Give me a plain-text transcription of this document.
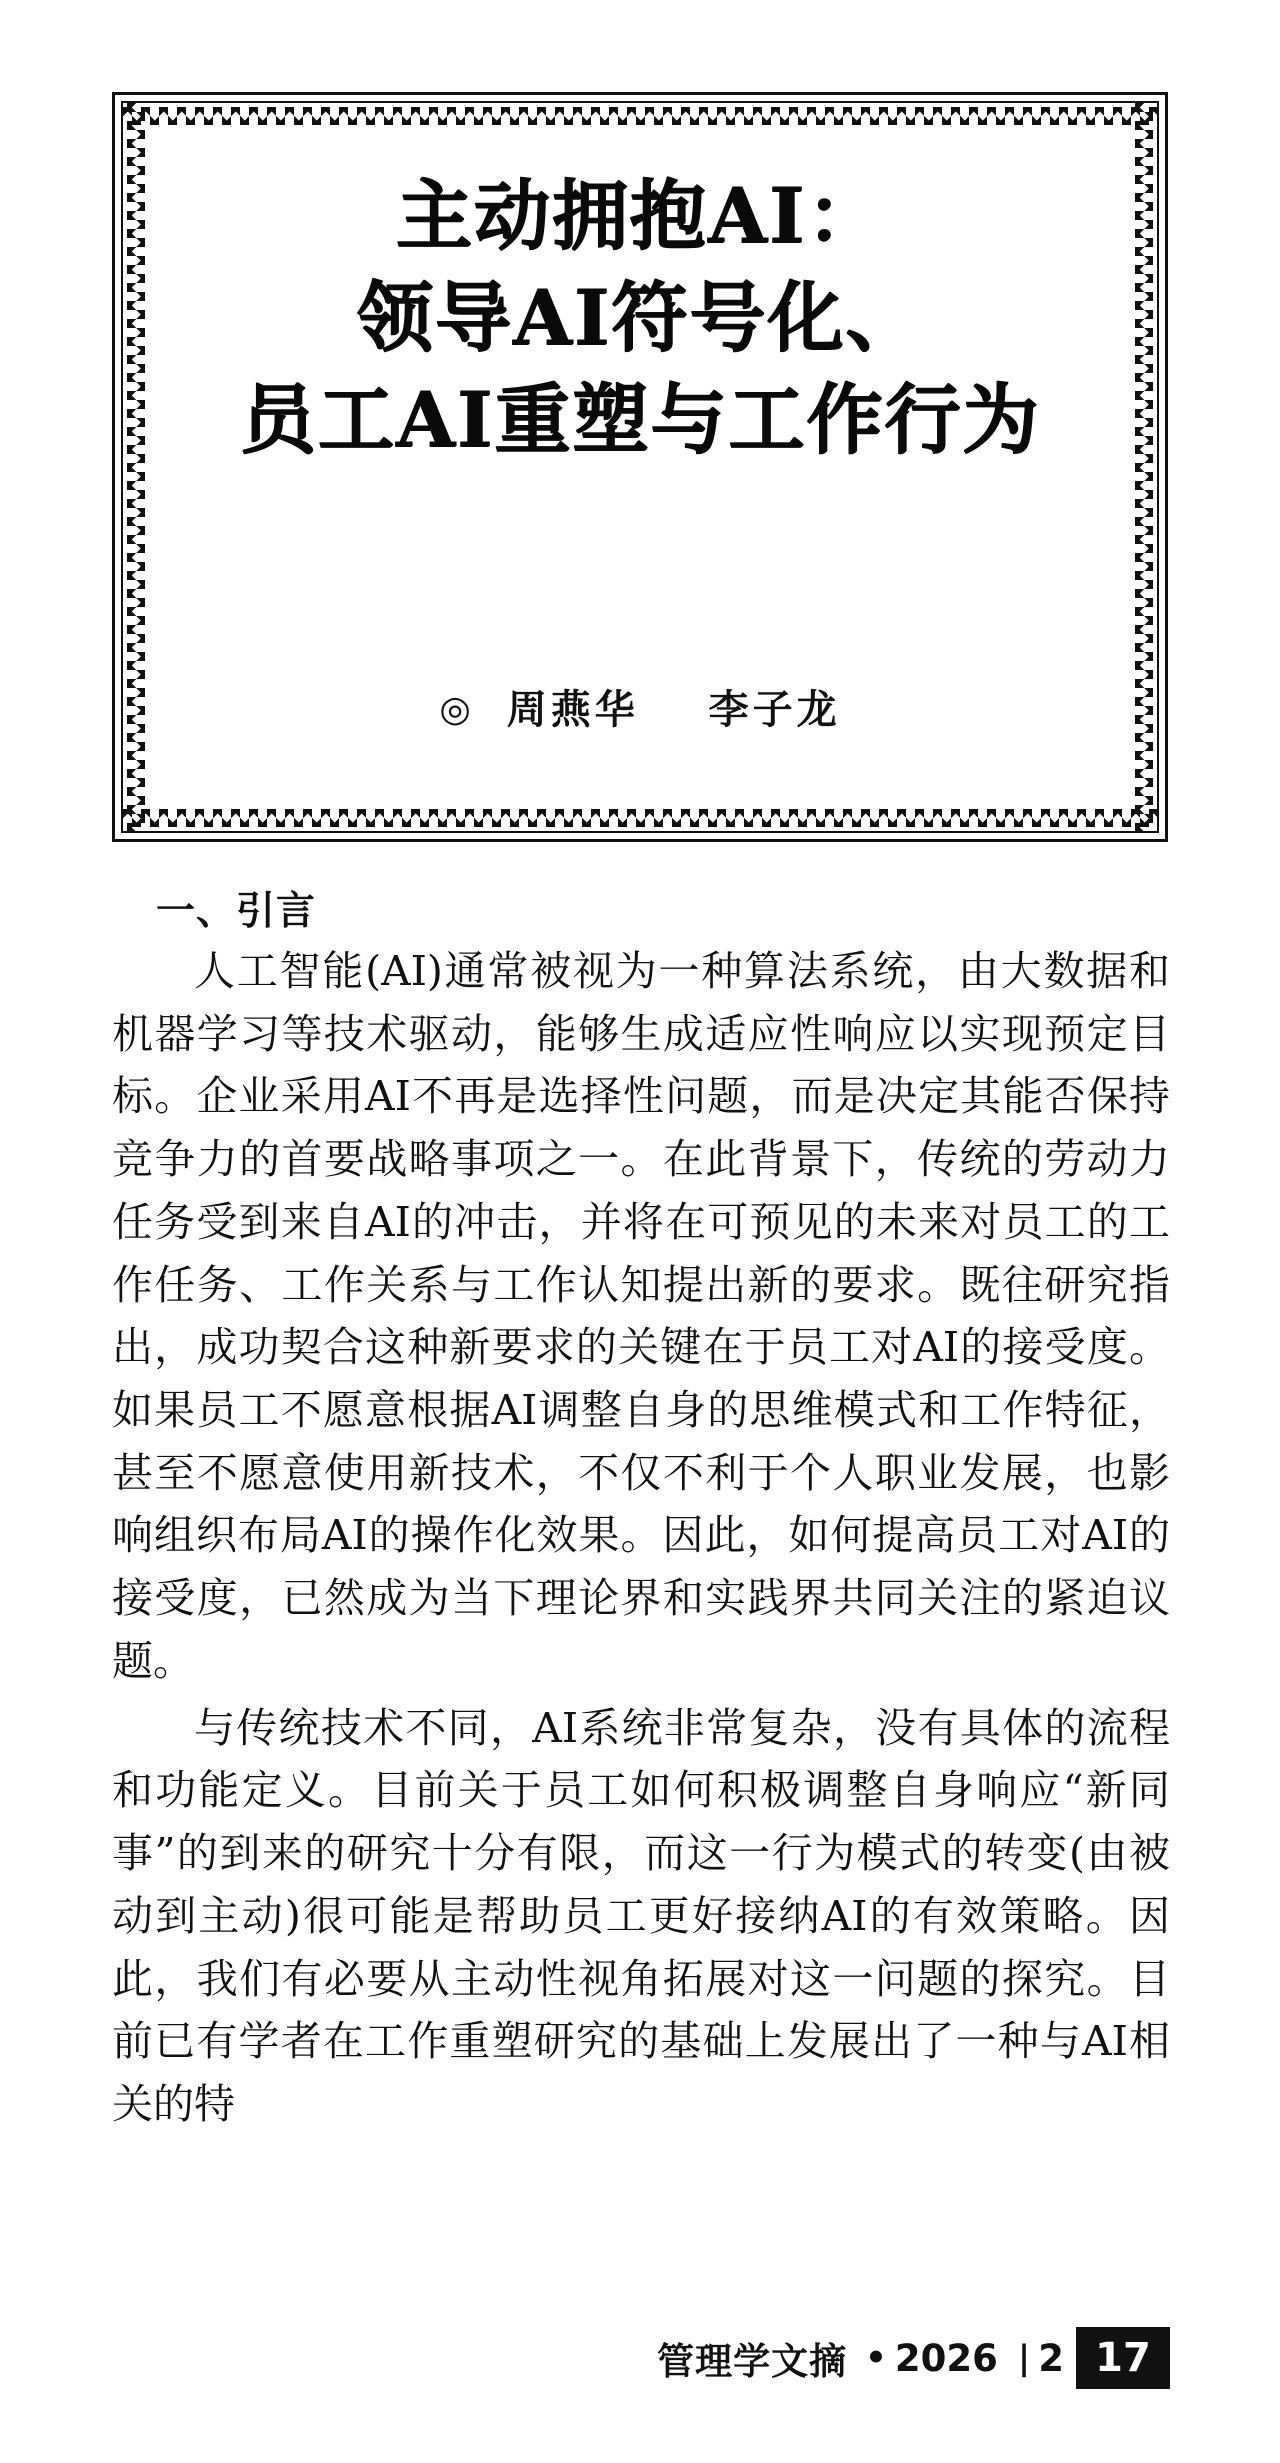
主动拥抱AI：
领导AI符号化、
员工AI重塑与工作行为
◎ 周燕华 李子龙
一、引言

人工智能(AI)通常被视为一种算法系统，由大数据和机器学习等技术驱动，能够生成适应性响应以实现预定目标。企业采用AI不再是选择性问题，而是决定其能否保持竞争力的首要战略事项之一。在此背景下，传统的劳动力任务受到来自AI的冲击，并将在可预见的未来对员工的工作任务、工作关系与工作认知提出新的要求。既往研究指出，成功契合这种新要求的关键在于员工对AI的接受度。如果员工不愿意根据AI调整自身的思维模式和工作特征，甚至不愿意使用新技术，不仅不利于个人职业发展，也影响组织布局AI的操作化效果。因此，如何提高员工对AI的接受度，已然成为当下理论界和实践界共同关注的紧迫议题。

与传统技术不同，AI系统非常复杂，没有具体的流程和功能定义。目前关于员工如何积极调整自身响应“新同事”的到来的研究十分有限，而这一行为模式的转变(由被动到主动)很可能是帮助员工更好接纳AI的有效策略。因此，我们有必要从主动性视角拓展对这一问题的探究。目前已有学者在工作重塑研究的基础上发展出了一种与AI相关的特

管理学文摘 • 2026 | 2 17
